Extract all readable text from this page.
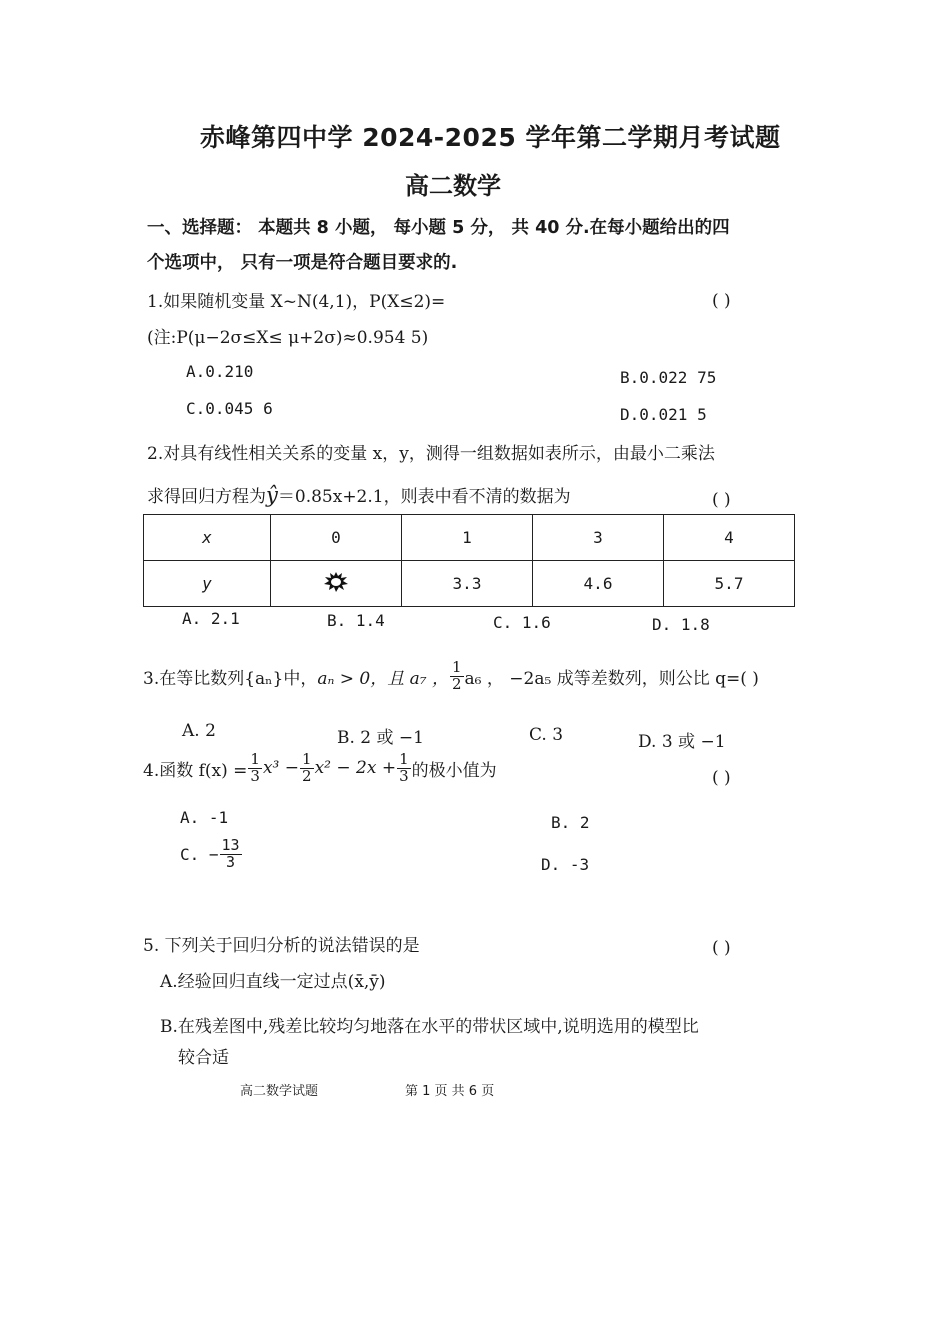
赤峰第四中学 2024-2025 学年第二学期月考试题
高二数学
一、选择题： 本题共 8 小题， 每小题 5 分， 共 40 分.在每小题给出的四
个选项中， 只有一项是符合题目要求的.
1.如果随机变量 X~N(4,1)，P(X≤2)=	( )
(注:P(μ−2σ≤X≤ μ+2σ)≈0.954 5)
A.0.210	B.0.022 75
C.0.045 6	D.0.021 5
2.对具有线性相关关系的变量 x，y，测得一组数据如表所示，由最小二乘法
求得回归方程为ŷ＝0.85x+2.1，则表中看不清的数据为	( )
x	0	1	3	4
y		3.3	4.6	5.7
A. 2.1	B. 1.4	C. 1.6	D. 1.8
3.在等比数列{aₙ}中， aₙ > 0，且 a₇ ， $\frac{1}{2} a_6$ ， −2a₅ 成等差数列，则公比 q=( )
A. 2	B. 2 或 −1	C. 3	D. 3 或 −1
4.函数 $f(x) = \frac{1}{3} x^3 - \frac{1}{2} x^2 - 2x + \frac{1}{3}$ 的极小值为	( )
A. -1	B. 2
C. − $\frac{13}{3}$	D. -3
5. 下列关于回归分析的说法错误的是	( )
A.经验回归直线一定过点(x̄,ȳ)
B.在残差图中,残差比较均匀地落在水平的带状区域中,说明选用的模型比
较合适
高二数学试题	第 1 页 共 6 页
